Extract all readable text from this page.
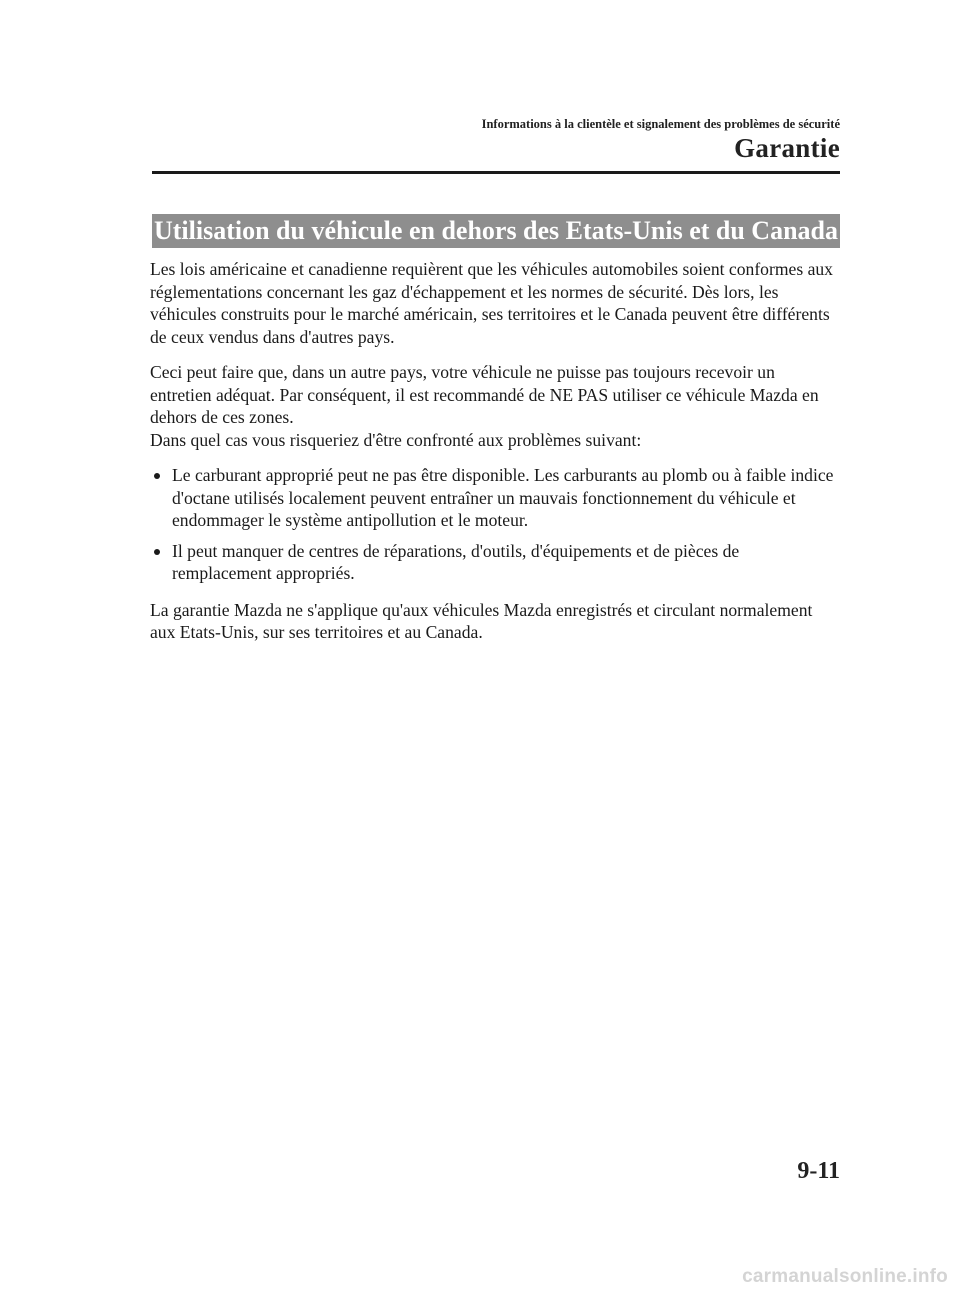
Informations à la clientèle et signalement des problèmes de sécurité
Garantie
Utilisation du véhicule en dehors des Etats-Unis et du Canada

Les lois américaine et canadienne requièrent que les véhicules automobiles soient conformes aux réglementations concernant les gaz d'échappement et les normes de sécurité. Dès lors, les véhicules construits pour le marché américain, ses territoires et le Canada peuvent être différents de ceux vendus dans d'autres pays.

Ceci peut faire que, dans un autre pays, votre véhicule ne puisse pas toujours recevoir un entretien adéquat. Par conséquent, il est recommandé de NE PAS utiliser ce véhicule Mazda en dehors de ces zones.

Dans quel cas vous risqueriez d'être confronté aux problèmes suivant:

Le carburant approprié peut ne pas être disponible. Les carburants au plomb ou à faible indice d'octane utilisés localement peuvent entraîner un mauvais fonctionnement du véhicule et endommager le système antipollution et le moteur.
Il peut manquer de centres de réparations, d'outils, d'équipements et de pièces de remplacement appropriés.

La garantie Mazda ne s'applique qu'aux véhicules Mazda enregistrés et circulant normalement aux Etats-Unis, sur ses territoires et au Canada.

9-11
carmanualsonline.info
